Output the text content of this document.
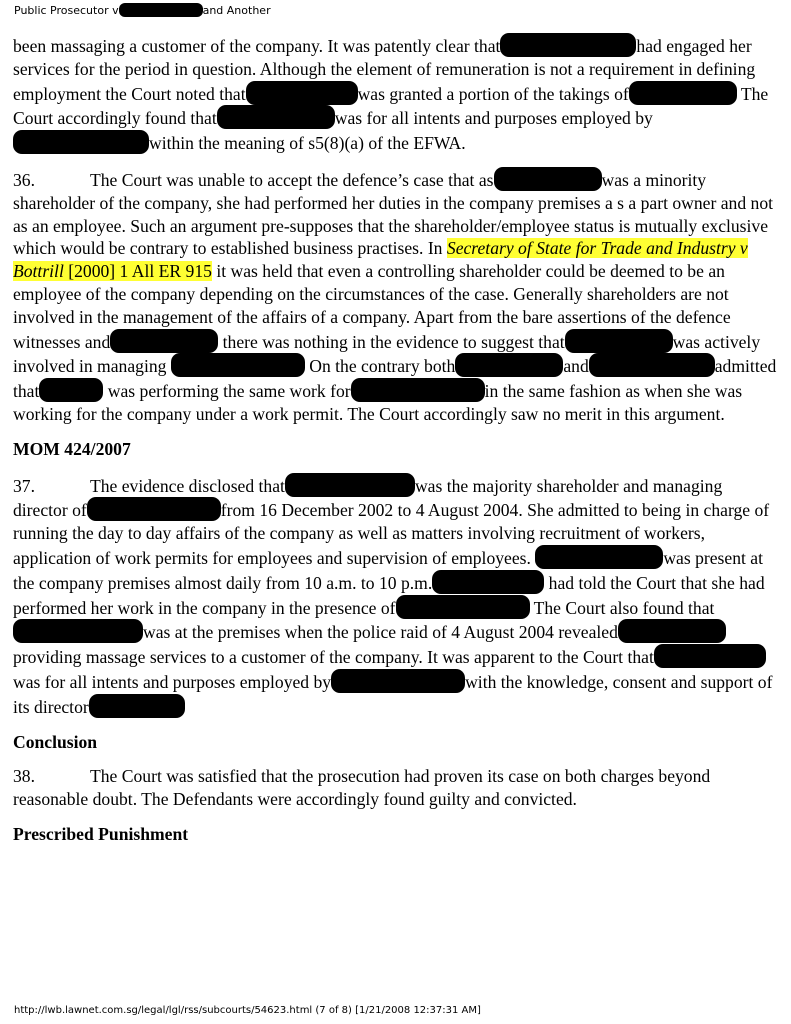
Public Prosecutor v	and Another

been massaging a customer of the company. It was patently clear that	had engaged her services for the period in question. Although the element of remuneration is not a requirement in defining employment the Court noted that	was granted a portion of the takings of	The Court accordingly found that	was for all intents and purposes employed bywithin the meaning of s5(8)(a) of the EFWA.

36.	The Court was unable to accept the defence’s case that as	was a minority shareholder of the company, she had performed her duties in the company premises a s a part owner and not as an employee. Such an argument pre-supposes that the shareholder/employee status is mutually exclusive which would be contrary to established business practises. In Secretary of State for Trade and Industry v Bottrill [2000] 1 All ER 915 it was held that even a controlling shareholder could be deemed to be an employee of the company depending on the circumstances of the case. Generally shareholders are not involved in the management of the affairs of a company. Apart from the bare assertions of the defence witnesses and	there was nothing in the evidence to suggest that	was actively involved in managing	On the contrary both	and	admitted that	was performing the same work for	in the same fashion as when she was working for the company under a work permit. The Court accordingly saw no merit in this argument.

MOM 424/2007

37.	The evidence disclosed that	was the majority shareholder and managing director of	from 16 December 2002 to 4 August 2004. She admitted to being in charge of running the day to day affairs of the company as well as matters involving recruitment of workers, application of work permits for employees and supervision of employees.	was present at the company premises almost daily from 10 a.m. to 10 p.m.	had told the Court that she had performed her work in the company in the presence of	The Court also found thatwas at the premises when the police raid of 4 August 2004 revealedproviding massage services to a customer of the company. It was apparent to the Court thatwas for all intents and purposes employed by	with the knowledge, consent and support of its director

Conclusion

38.	The Court was satisfied that the prosecution had proven its case on both charges beyond reasonable doubt. The Defendants were accordingly found guilty and convicted.

Prescribed Punishment

http://lwb.lawnet.com.sg/legal/lgl/rss/subcourts/54623.html (7 of 8) [1/21/2008 12:37:31 AM]
